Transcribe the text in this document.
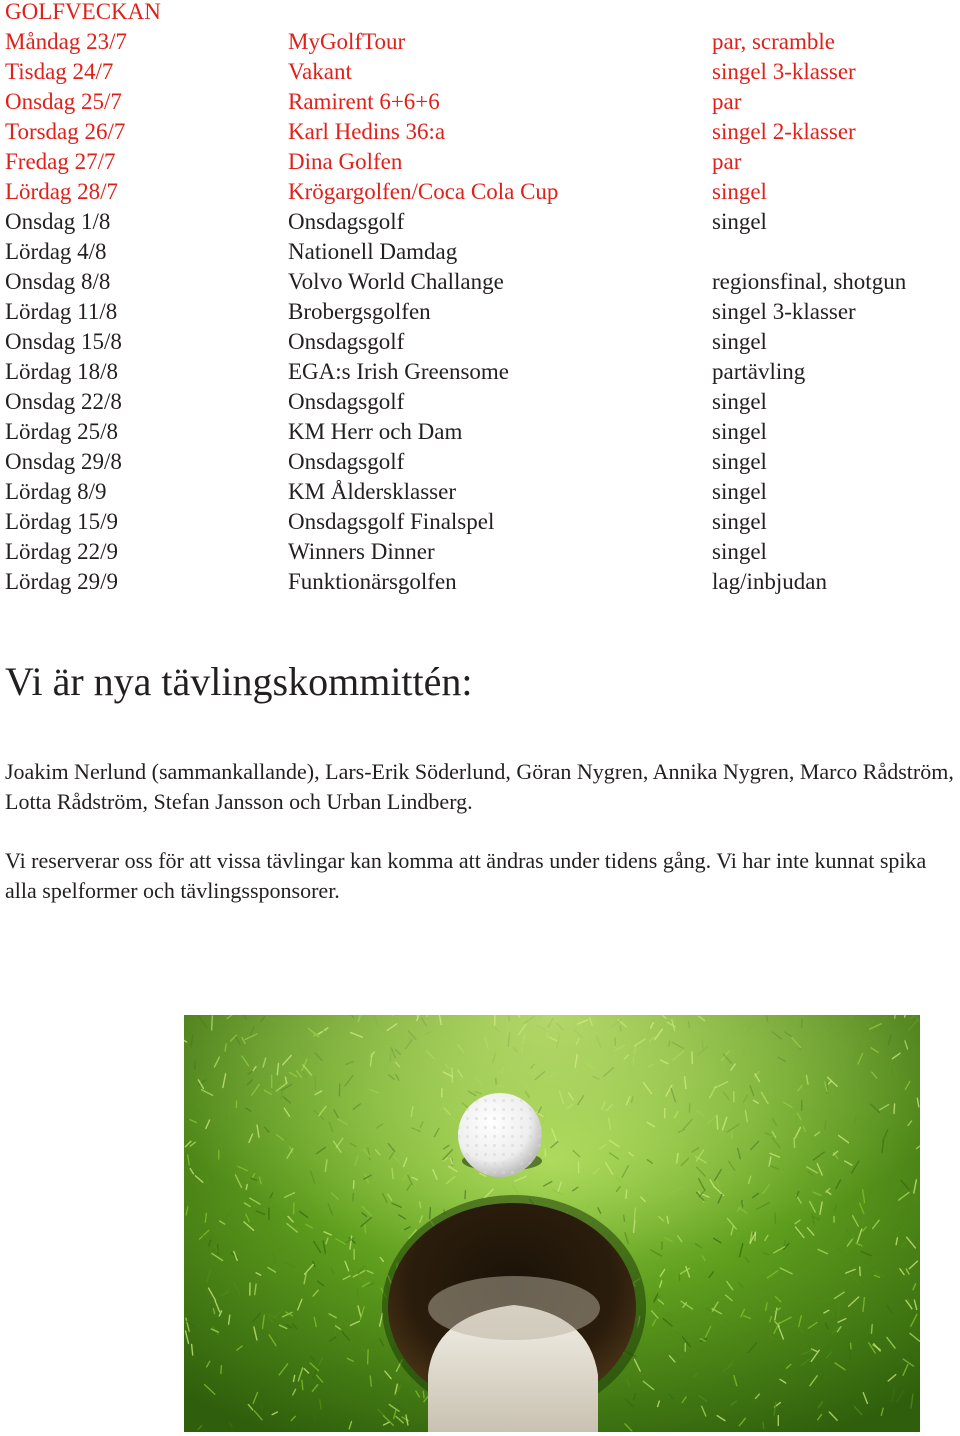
GOLFVECKAN
Måndag 23/7	MyGolfTour	par, scramble
Tisdag 24/7	Vakant	singel 3-klasser
Onsdag 25/7	Ramirent 6+6+6	par
Torsdag 26/7	Karl Hedins 36:a	singel 2-klasser
Fredag 27/7	Dina Golfen	par
Lördag 28/7	Krögargolfen/Coca Cola Cup	singel
Onsdag 1/8	Onsdagsgolf	singel
Lördag 4/8	Nationell Damdag
Onsdag 8/8	Volvo World Challange	regionsfinal, shotgun
Lördag 11/8	Brobergsgolfen	singel 3-klasser
Onsdag 15/8	Onsdagsgolf	singel
Lördag 18/8	EGA:s Irish Greensome	partävling
Onsdag 22/8	Onsdagsgolf	singel
Lördag 25/8	KM Herr och Dam	singel
Onsdag 29/8	Onsdagsgolf	singel
Lördag 8/9	KM Åldersklasser	singel
Lördag 15/9	Onsdagsgolf Finalspel	singel
Lördag 22/9	Winners Dinner	singel
Lördag 29/9	Funktionärsgolfen	lag/inbjudan
Vi är nya tävlingskommittén:
Joakim Nerlund (sammankallande), Lars-Erik Söderlund, Göran Nygren, Annika Nygren, Marco Rådström, Lotta Rådström, Stefan Jansson och Urban Lindberg.
Vi reserverar oss för att vissa tävlingar kan komma att ändras under tidens gång. Vi har inte kunnat spika alla spelformer och tävlingssponsorer.
